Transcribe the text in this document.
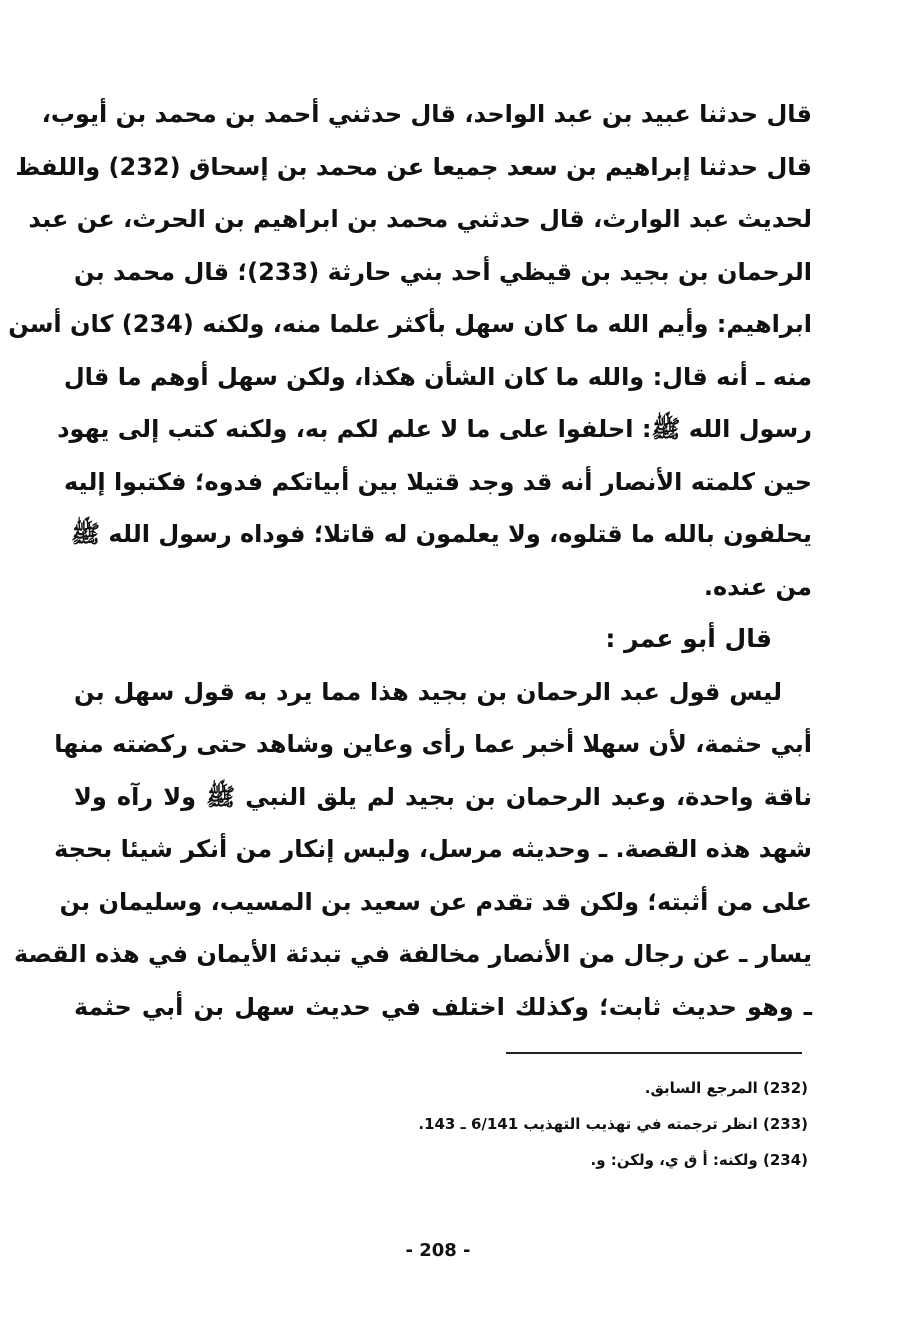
قال حدثنا عبيد بن عبد الواحد، قال حدثني أحمد بن محمد بن أيوب،
قال حدثنا إبراهيم بن سعد جميعا عن محمد بن إسحاق (232) واللفظ
لحديث عبد الوارث، قال حدثني محمد بن ابراهيم بن الحرث، عن عبد
الرحمان بن بجيد بن قيظي أحد بني حارثة (233)؛ قال محمد بن
ابراهيم: وأيم الله ما كان سهل بأكثر علما منه، ولكنه (234) كان أسن
منه ـ أنه قال: والله ما كان الشأن هكذا، ولكن سهل أوهم ما قال
رسول الله ﷺ: احلفوا على ما لا علم لكم به، ولكنه كتب إلى يهود
حين كلمته الأنصار أنه قد وجد قتيلا بين أبياتكم فدوه؛ فكتبوا إليه
يحلفون بالله ما قتلوه، ولا يعلمون له قاتلا؛ فوداه رسول الله ﷺ
من عنده.
قال أبو عمر :
ليس قول عبد الرحمان بن بجيد هذا مما يرد به قول سهل بن
أبي حثمة، لأن سهلا أخبر عما رأى وعاين وشاهد حتى ركضته منها
ناقة واحدة، وعبد الرحمان بن بجيد لم يلق النبي ﷺ ولا رآه ولا
شهد هذه القصة. ـ وحديثه مرسل، وليس إنكار من أنكر شيئا بحجة
على من أثبته؛ ولكن قد تقدم عن سعيد بن المسيب، وسليمان بن
يسار ـ عن رجال من الأنصار مخالفة في تبدئة الأيمان في هذه القصة
ـ وهو حديث ثابت؛ وكذلك اختلف في حديث سهل بن أبي حثمة
(232) المرجع السابق.
(233) انظر ترجمته في تهذيب التهذيب 6/141 ـ 143.
(234) ولكنه: أ ق ي، ولكن: و.
- 208 -
